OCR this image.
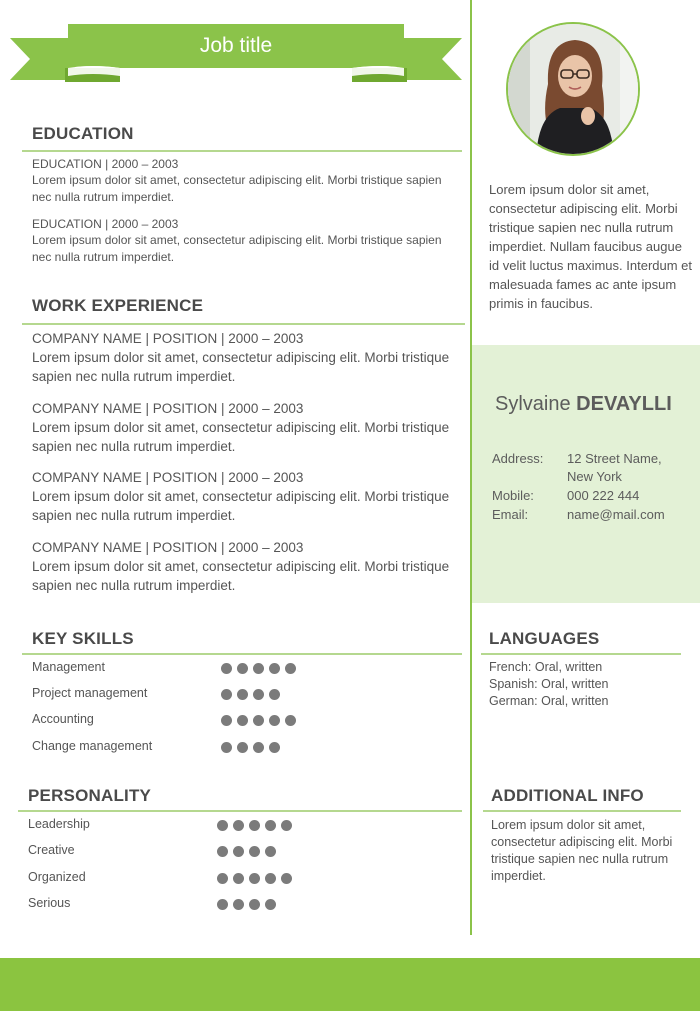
Job title
EDUCATION
EDUCATION | 2000 – 2003
Lorem ipsum dolor sit amet, consectetur adipiscing elit. Morbi tristique sapien nec nulla rutrum imperdiet.
EDUCATION | 2000 – 2003
Lorem ipsum dolor sit amet, consectetur adipiscing elit. Morbi tristique sapien nec nulla rutrum imperdiet.
WORK EXPERIENCE
COMPANY NAME | POSITION | 2000 – 2003
Lorem ipsum dolor sit amet, consectetur adipiscing elit. Morbi tristique sapien nec nulla rutrum imperdiet.
COMPANY NAME | POSITION | 2000 – 2003
Lorem ipsum dolor sit amet, consectetur adipiscing elit. Morbi tristique sapien nec nulla rutrum imperdiet.
COMPANY NAME | POSITION | 2000 – 2003
Lorem ipsum dolor sit amet, consectetur adipiscing elit. Morbi tristique sapien nec nulla rutrum imperdiet.
COMPANY NAME | POSITION | 2000 – 2003
Lorem ipsum dolor sit amet, consectetur adipiscing elit. Morbi tristique sapien nec nulla rutrum imperdiet.
KEY SKILLS
Management
Project management
Accounting
Change management
PERSONALITY
Leadership
Creative
Organized
Serious
Lorem ipsum dolor sit amet, consectetur adipiscing elit. Morbi tristique sapien nec nulla rutrum imperdiet. Nullam faucibus augue id velit luctus maximus. Interdum et malesuada fames ac ante ipsum primis in faucibus.
Sylvaine DEVAYLLI
Address: 12 Street Name,
New York
Mobile:	000 222 444
Email:	name@mail.com
LANGUAGES
French: Oral, written
Spanish: Oral, written
German: Oral, written
ADDITIONAL INFO
Lorem ipsum dolor sit amet, consectetur adipiscing elit. Morbi tristique sapien nec nulla rutrum imperdiet.
